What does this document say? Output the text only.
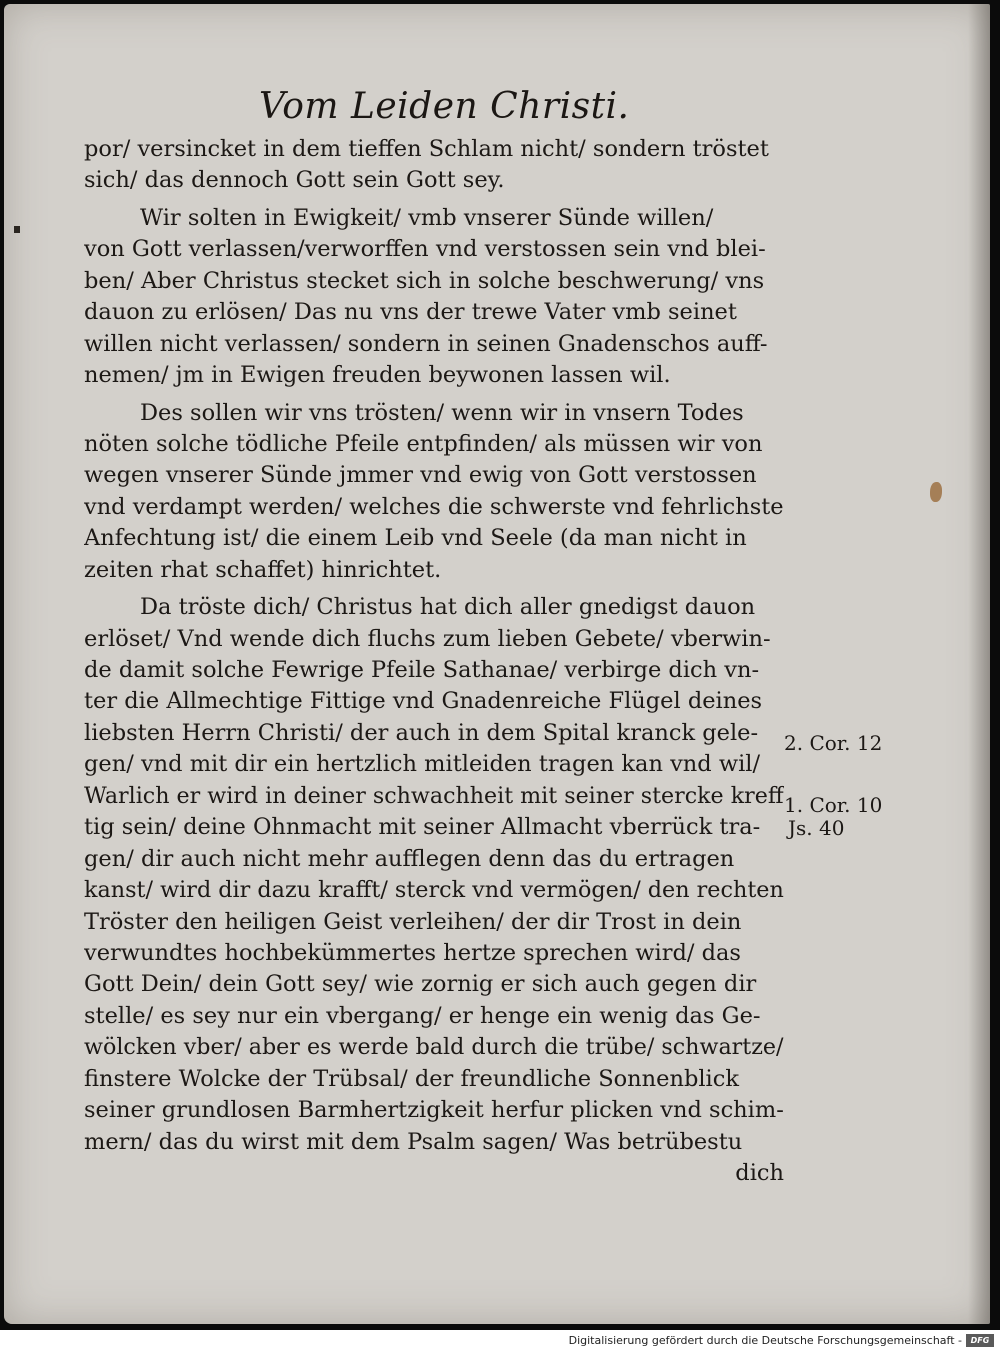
Vom Leiden Christi.
por/ versincket in dem tieffen Schlam nicht/ sondern tröstet
sich/ das dennoch Gott sein Gott sey.
Wir solten in Ewigkeit/ vmb vnserer Sünde willen/
von Gott verlassen/verworffen vnd verstossen sein vnd blei-
ben/ Aber Christus stecket sich in solche beschwerung/ vns
dauon zu erlösen/ Das nu vns der trewe Vater vmb seinet
willen nicht verlassen/ sondern in seinen Gnadenschos auff-
nemen/ jm in Ewigen freuden beywonen lassen wil.
Des sollen wir vns trösten/ wenn wir in vnsern Todes
nöten solche tödliche Pfeile entpfinden/ als müssen wir von
wegen vnserer Sünde jmmer vnd ewig von Gott verstossen
vnd verdampt werden/ welches die schwerste vnd fehrlichste
Anfechtung ist/ die einem Leib vnd Seele (da man nicht in
zeiten rhat schaffet) hinrichtet.
Da tröste dich/ Christus hat dich aller gnedigst dauon
erlöset/ Vnd wende dich fluchs zum lieben Gebete/ vberwin-
de damit solche Fewrige Pfeile Sathanae/ verbirge dich vn-
ter die Allmechtige Fittige vnd Gnadenreiche Flügel deines
liebsten Herrn Christi/ der auch in dem Spital kranck gele-
gen/ vnd mit dir ein hertzlich mitleiden tragen kan vnd wil/
Warlich er wird in deiner schwachheit mit seiner stercke kreff
tig sein/ deine Ohnmacht mit seiner Allmacht vberrück tra-
gen/ dir auch nicht mehr aufflegen denn das du ertragen
kanst/ wird dir dazu krafft/ sterck vnd vermögen/ den rechten
Tröster den heiligen Geist verleihen/ der dir Trost in dein
verwundtes hochbekümmertes hertze sprechen wird/ das
Gott Dein/ dein Gott sey/ wie zornig er sich auch gegen dir
stelle/ es sey nur ein vbergang/ er henge ein wenig das Ge-
wölcken vber/ aber es werde bald durch die trübe/ schwartze/
finstere Wolcke der Trübsal/ der freundliche Sonnenblick
seiner grundlosen Barmhertzigkeit herfur plicken vnd schim-
mern/ das du wirst mit dem Psalm sagen/ Was betrübestu
dich
2. Cor. 12
1. Cor. 10
Js. 40
Digitalisierung gefördert durch die Deutsche Forschungsgemeinschaft -	DFG
